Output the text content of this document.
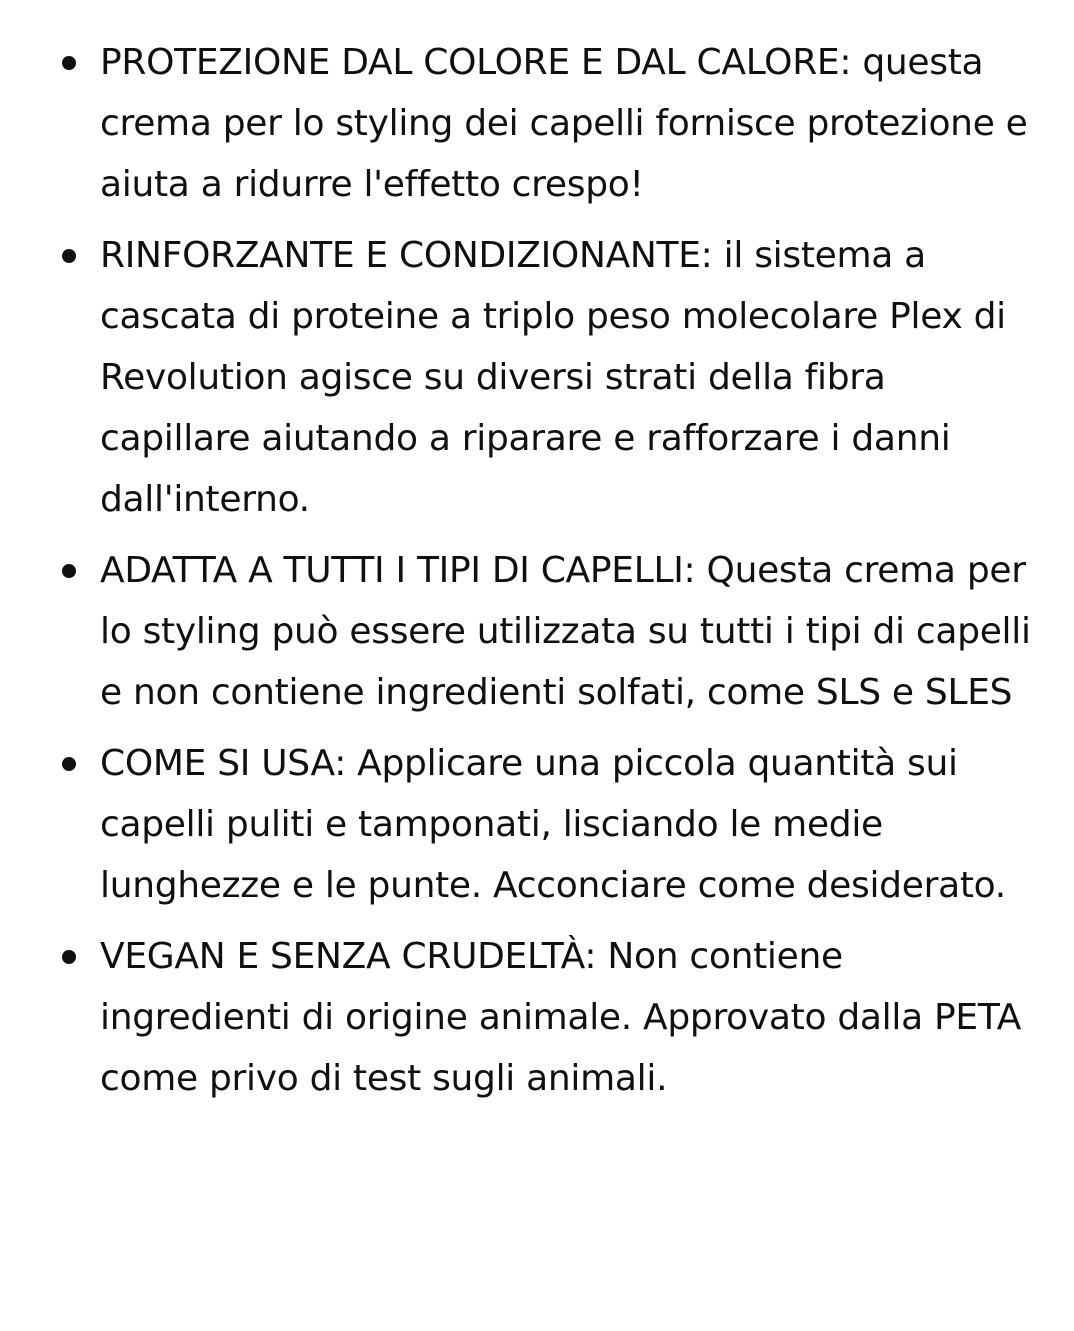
PROTEZIONE DAL COLORE E DAL CALORE: questa crema per lo styling dei capelli fornisce protezione e aiuta a ridurre l'effetto crespo!
RINFORZANTE E CONDIZIONANTE: il sistema a cascata di proteine a triplo peso molecolare Plex di Revolution agisce su diversi strati della fibra capillare aiutando a riparare e rafforzare i danni dall'interno.
ADATTA A TUTTI I TIPI DI CAPELLI: Questa crema per lo styling può essere utilizzata su tutti i tipi di capelli e non contiene ingredienti solfati, come SLS e SLES
COME SI USA: Applicare una piccola quantità sui capelli puliti e tamponati, lisciando le medie lunghezze e le punte. Acconciare come desiderato.
VEGAN E SENZA CRUDELTÀ: Non contiene ingredienti di origine animale. Approvato dalla PETA come privo di test sugli animali.
